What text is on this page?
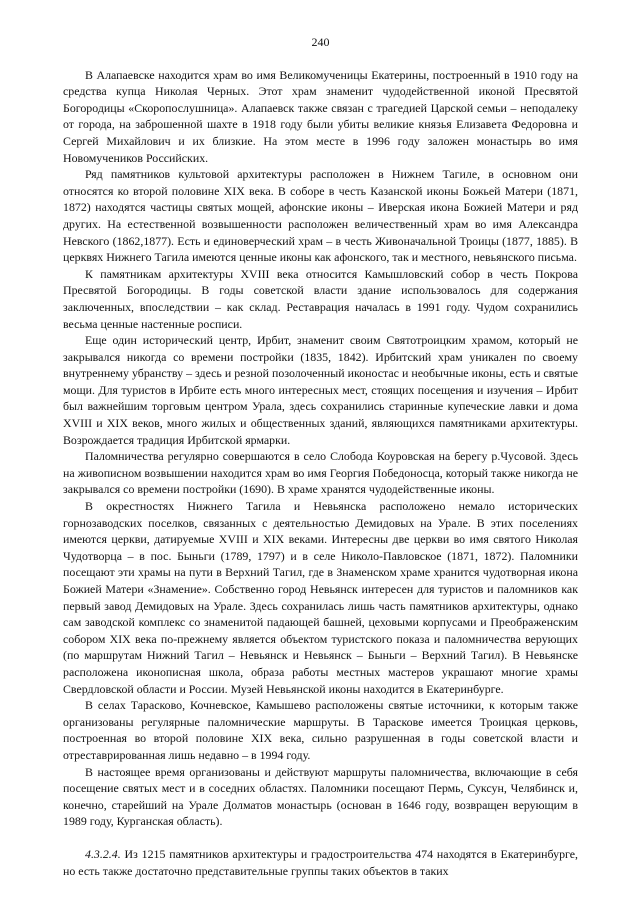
240

В Алапаевске находится храм во имя Великомученицы Екатерины, построенный в 1910 году на средства купца Николая Черных. Этот храм знаменит чудодейственной иконой Пресвятой Богородицы «Скоропослушница». Алапаевск также связан с трагедией Царской семьи – неподалеку от города, на заброшенной шахте в 1918 году были убиты великие князья Елизавета Федоровна и Сергей Михайлович и их близкие. На этом месте в 1996 году заложен монастырь во имя Новомучеников Российских.

Ряд памятников культовой архитектуры расположен в Нижнем Тагиле, в основном они относятся ко второй половине XIX века. В соборе в честь Казанской иконы Божьей Матери (1871, 1872) находятся частицы святых мощей, афонские иконы – Иверская икона Божией Матери и ряд других. На естественной возвышенности расположен величественный храм во имя Александра Невского (1862,1877). Есть и единоверческий храм – в честь Живоначальной Троицы (1877, 1885). В церквях Нижнего Тагила имеются ценные иконы как афонского, так и местного, невьянского письма.

К памятникам архитектуры XVIII века относится Камышловский собор в честь Покрова Пресвятой Богородицы. В годы советской власти здание использовалось для содержания заключенных, впоследствии – как склад. Реставрация началась в 1991 году. Чудом сохранились весьма ценные настенные росписи.

Еще один исторический центр, Ирбит, знаменит своим Святотроицким храмом, который не закрывался никогда со времени постройки (1835, 1842). Ирбитский храм уникален по своему внутреннему убранству – здесь и резной позолоченный иконостас и необычные иконы, есть и святые мощи. Для туристов в Ирбите есть много интересных мест, стоящих посещения и изучения – Ирбит был важнейшим торговым центром Урала, здесь сохранились старинные купеческие лавки и дома XVIII и XIX веков, много жилых и общественных зданий, являющихся памятниками архитектуры. Возрождается традиция Ирбитской ярмарки.

Паломничества регулярно совершаются в село Слобода Коуровская на берегу р.Чусовой. Здесь на живописном возвышении находится храм во имя Георгия Победоносца, который также никогда не закрывался со времени постройки (1690). В храме хранятся чудодейственные иконы.

В окрестностях Нижнего Тагила и Невьянска расположено немало исторических горнозаводских поселков, связанных с деятельностью Демидовых на Урале. В этих поселениях имеются церкви, датируемые XVIII и XIX веками. Интересны две церкви во имя святого Николая Чудотворца – в пос. Быньги (1789, 1797) и в селе Николо-Павловское (1871, 1872). Паломники посещают эти храмы на пути в Верхний Тагил, где в Знаменском храме хранится чудотворная икона Божией Матери «Знамение». Собственно город Невьянск интересен для туристов и паломников как первый завод Демидовых на Урале. Здесь сохранилась лишь часть памятников архитектуры, однако сам заводской комплекс со знаменитой падающей башней, цеховыми корпусами и Преображенским собором XIX века по-прежнему является объектом туристского показа и паломничества верующих (по маршрутам Нижний Тагил – Невьянск и Невьянск – Быньги – Верхний Тагил). В Невьянске расположена иконописная школа, образа работы местных мастеров украшают многие храмы Свердловской области и России. Музей Невьянской иконы находится в Екатеринбурге.

В селах Тарасково, Кочневское, Камышево расположены святые источники, к которым также организованы регулярные паломнические маршруты. В Тараскове имеется Троицкая церковь, построенная во второй половине XIX века, сильно разрушенная в годы советской власти и отреставрированная лишь недавно – в 1994 году.

В настоящее время организованы и действуют маршруты паломничества, включающие в себя посещение святых мест и в соседних областях. Паломники посещают Пермь, Суксун, Челябинск и, конечно, старейший на Урале Долматов монастырь (основан в 1646 году, возвращен верующим в 1989 году, Курганская область).

4.3.2.4. Из 1215 памятников архитектуры и градостроительства 474 находятся в Екатеринбурге, но есть также достаточно представительные группы таких объектов в таких
